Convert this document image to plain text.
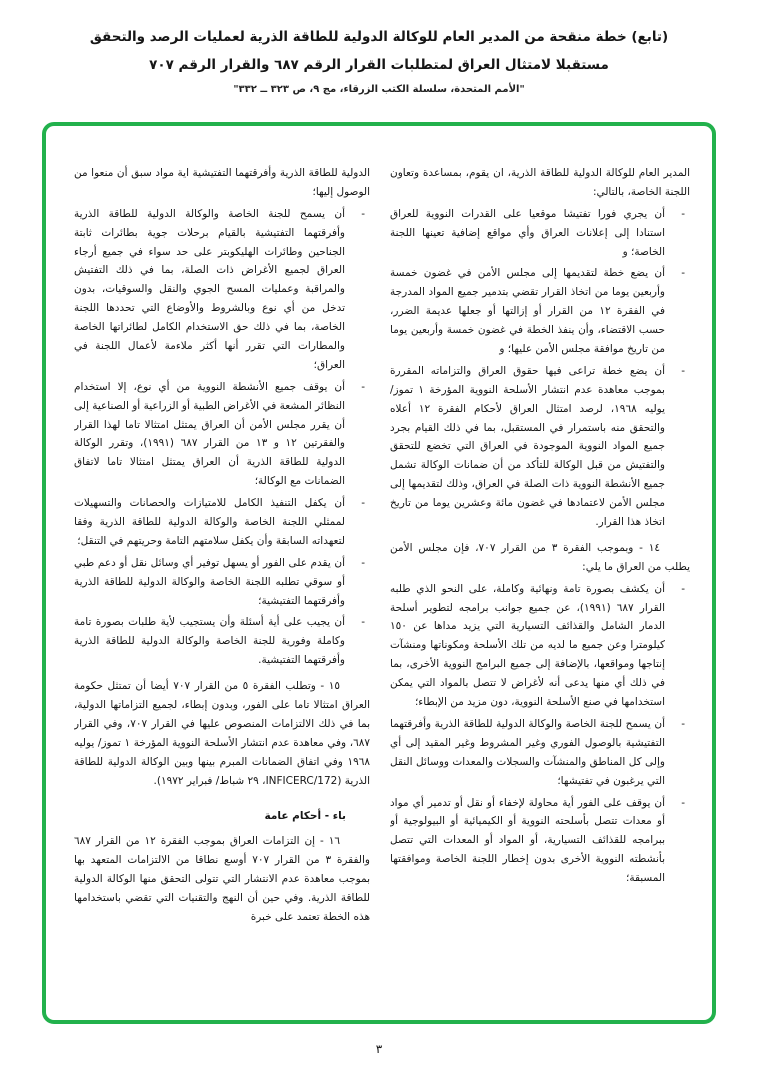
(تابع) خطة منقحة من المدير العام للوكالة الدولية للطاقة الذرية لعمليات الرصد والتحقق
مستقبلا لامتثال العراق لمتطلبات القرار الرقم ٦٨٧ والقرار الرقم ٧٠٧
"الأمم المتحدة، سلسلة الكتب الزرقاء، مج ٩، ص ٣٢٣ ــ ٣٣٢"
المدير العام للوكالة الدولية للطاقة الذرية، ان يقوم، بمساعدة وتعاون اللجنة الخاصة، بالتالي:
-
أن يجري فورا تفتيشا موقعيا على القدرات النووية للعراق استنادا إلى إعلانات العراق وأي مواقع إضافية تعينها اللجنة الخاصة؛ و
-
أن يضع خطة لتقديمها إلى مجلس الأمن في غضون خمسة وأربعين يوما من اتخاذ القرار تقضي بتدمير جميع المواد المدرجة في الفقرة ١٢ من القرار أو إزالتها أو جعلها عديمة الضرر، حسب الاقتضاء، وأن ينفذ الخطة في غضون خمسة وأربعين يوما من تاريخ موافقة مجلس الأمن عليها؛ و
-
أن يضع خطة تراعى فيها حقوق العراق والتزاماته المقررة بموجب معاهدة عدم انتشار الأسلحة النووية المؤرخة ١ تموز/ يوليه ١٩٦٨، لرصد امتثال العراق لأحكام الفقرة ١٢ أعلاه والتحقق منه باستمرار في المستقبل، بما في ذلك القيام بجرد جميع المواد النووية الموجودة في العراق التي تخضع للتحقق والتفتيش من قبل الوكالة للتأكد من أن ضمانات الوكالة تشمل جميع الأنشطة النووية ذات الصلة في العراق، وذلك لتقديمها إلى مجلس الأمن لاعتمادها في غضون مائة وعشرين يوما من تاريخ اتخاذ هذا القرار.
١٤ - وبموجب الفقرة ٣ من القرار ٧٠٧، فإن مجلس الأمن يطلب من العراق ما يلي:
-
أن يكشف بصورة تامة ونهائية وكاملة، على النحو الذي طلبه القرار ٦٨٧ (١٩٩١)، عن جميع جوانب برامجه لتطوير أسلحة الدمار الشامل والقذائف التسيارية التي يزيد مداها عن ١٥٠ كيلومترا وعن جميع ما لديه من تلك الأسلحة ومكوناتها ومنشآت إنتاجها ومواقعها، بالإضافة إلى جميع البرامج النووية الأخرى، بما في ذلك أي منها يدعى أنه لأغراض لا تتصل بالمواد التي يمكن استخدامها في صنع الأسلحة النووية، دون مزيد من الإبطاء؛
-
أن يسمح للجنة الخاصة والوكالة الدولية للطاقة الذرية وأفرقتهما التفتيشية بالوصول الفوري وغير المشروط وغير المقيد إلى أي وإلى كل المناطق والمنشآت والسجلات والمعدات ووسائل النقل التي يرغبون في تفتيشها؛
-
أن يوقف على الفور أية محاولة لإخفاء أو نقل أو تدمير أي مواد أو معدات تتصل بأسلحته النووية أو الكيميائية أو البيولوجية أو ببرامجه للقذائف التسيارية، أو المواد أو المعدات التي تتصل بأنشطته النووية الأخرى بدون إخطار اللجنة الخاصة وموافقتها المسبقة؛
الدولية للطاقة الذرية وأفرقتهما التفتيشية اية مواد سبق أن منعوا من الوصول إليها؛
-
أن يسمح للجنة الخاصة والوكالة الدولية للطاقة الذرية وأفرقتهما التفتيشية بالقيام برحلات جوية بطائرات ثابتة الجناحين وطائرات الهليكوبتر على حد سواء في جميع أرجاء العراق لجميع الأغراض ذات الصلة، بما في ذلك التفتيش والمراقبة وعمليات المسح الجوي والنقل والسوقيات، بدون تدخل من أي نوع وبالشروط والأوضاع التي تحددها اللجنة الخاصة، بما في ذلك حق الاستخدام الكامل لطائراتها الخاصة والمطارات التي تقرر أنها أكثر ملاءمة لأعمال اللجنة في العراق؛
-
أن يوقف جميع الأنشطة النووية من أي نوع، إلا استخدام النظائر المشعة في الأغراض الطبية أو الزراعية أو الصناعية إلى أن يقرر مجلس الأمن أن العراق يمتثل امتثالا تاما لهذا القرار والفقرتين ١٢ و ١٣ من القرار ٦٨٧ (١٩٩١)، وتقرر الوكالة الدولية للطاقة الذرية أن العراق يمتثل امتثالا تاما لاتفاق الضمانات مع الوكالة؛
-
أن يكفل التنفيذ الكامل للامتيازات والحصانات والتسهيلات لممثلي اللجنة الخاصة والوكالة الدولية للطاقة الذرية وفقا لتعهداته السابقة وأن يكفل سلامتهم التامة وحريتهم في التنقل؛
-
أن يقدم على الفور أو يسهل توفير أي وسائل نقل أو دعم طبي أو سوقي تطلبه اللجنة الخاصة والوكالة الدولية للطاقة الذرية وأفرقتهما التفتيشية؛
-
أن يجيب على أية أسئلة وأن يستجيب لأية طلبات بصورة تامة وكاملة وفورية للجنة الخاصة والوكالة الدولية للطاقة الذرية وأفرقتهما التفتيشية.
١٥ - وتطلب الفقرة ٥ من القرار ٧٠٧ أيضا أن تمتثل حكومة العراق امتثالا تاما على الفور، وبدون إبطاء، لجميع التزاماتها الدولية، بما في ذلك الالتزامات المنصوص عليها في القرار ٧٠٧، وفي القرار ٦٨٧، وفي معاهدة عدم انتشار الأسلحة النووية المؤرخة ١ تموز/ يوليه ١٩٦٨ وفي اتفاق الضمانات المبرم بينها وبين الوكالة الدولية للطاقة الذرية (INFICERC/172، ٢٩ شباط/ فبراير ١٩٧٢).
باء - أحكام عامة
١٦ - إن التزامات العراق بموجب الفقرة ١٢ من القرار ٦٨٧ والفقرة ٣ من القرار ٧٠٧ أوسع نطاقا من الالتزامات المتعهد بها بموجب معاهدة عدم الانتشار التي تتولى التحقق منها الوكالة الدولية للطاقة الذرية. وفي حين أن النهج والتقنيات التي تقضي باستخدامها هذه الخطة تعتمد على خبرة
٣
